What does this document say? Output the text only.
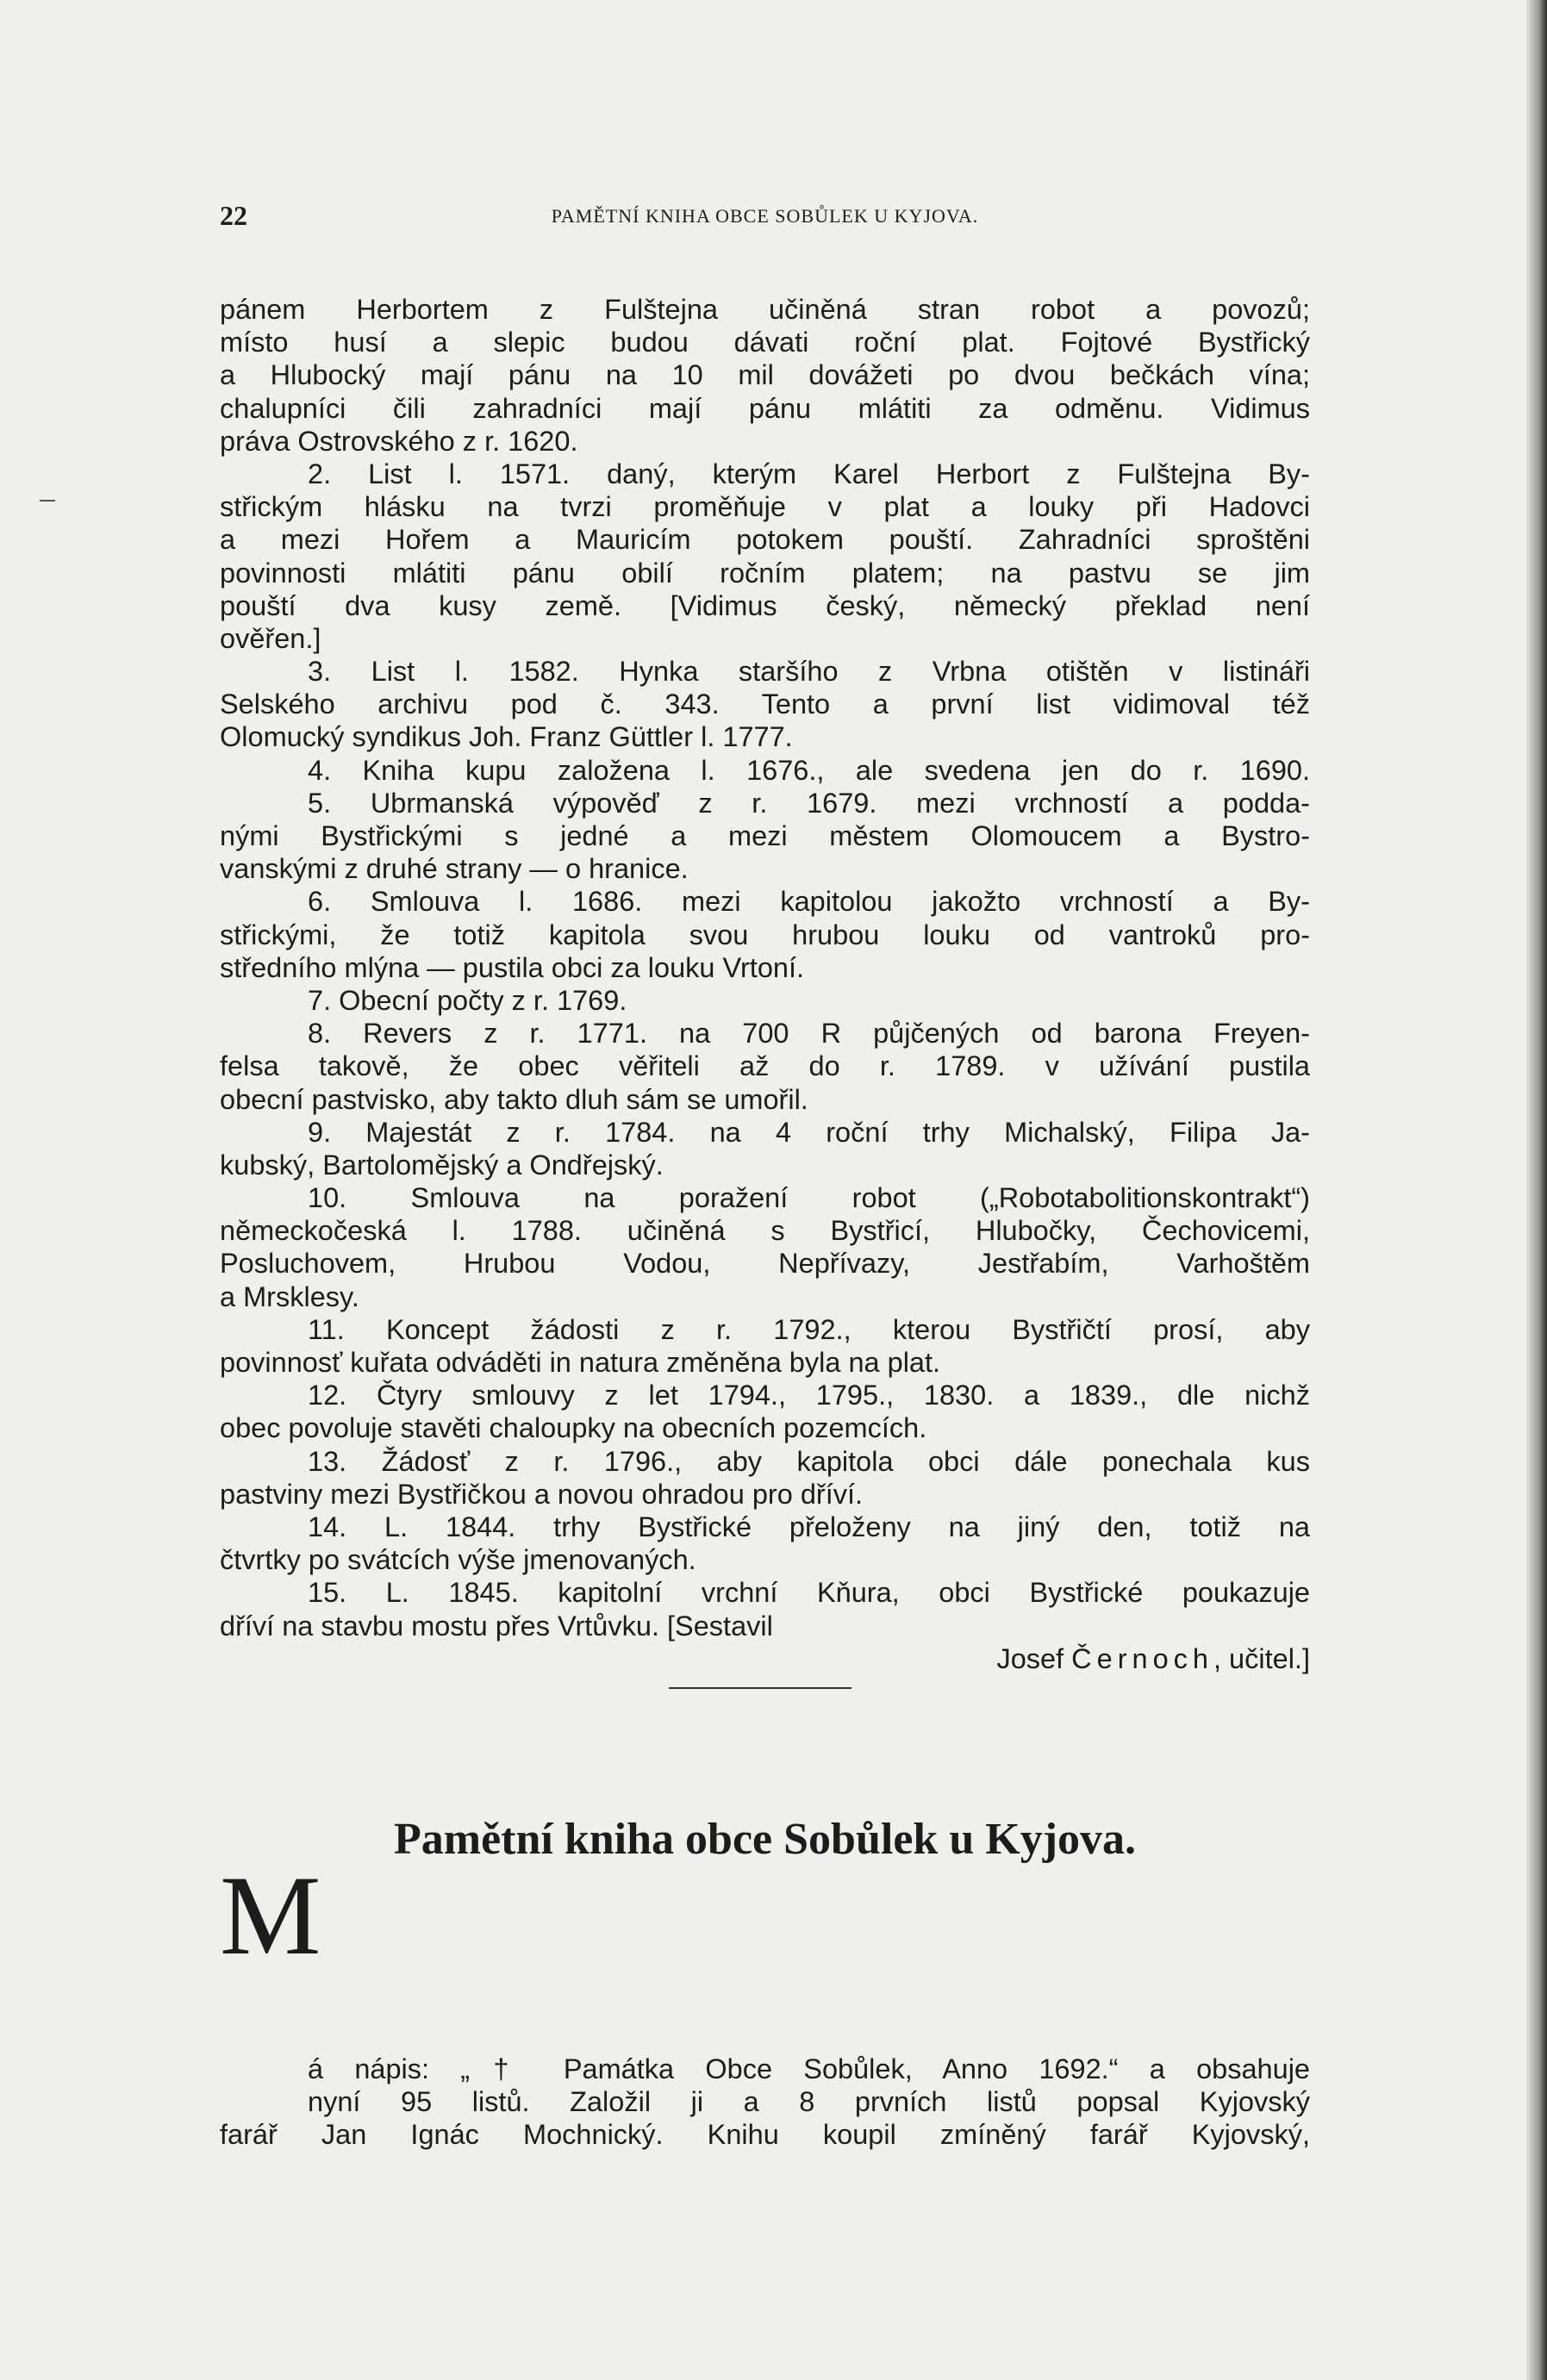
22	PAMĚTNÍ KNIHA OBCE SOBŮLEK U KYJOVA.
pánem Herbortem z Fulštejna učiněná stran robot a povozů;
místo husí a slepic budou dávati roční plat. Fojtové Bystřický
a Hlubocký mají pánu na 10 mil dovážeti po dvou bečkách vína;
chalupníci čili zahradníci mají pánu mlátiti za odměnu. Vidimus
práva Ostrovského z r. 1620.
2. List l. 1571. daný, kterým Karel Herbort z Fulštejna By-
střickým hlásku na tvrzi proměňuje v plat a louky při Hadovci
a mezi Hořem a Mauricím potokem pouští. Zahradníci sproštěni
povinnosti mlátiti pánu obilí ročním platem; na pastvu se jim
pouští dva kusy země. [Vidimus český, německý překlad není
ověřen.]
3. List l. 1582. Hynka staršího z Vrbna otištěn v listináři
Selského archivu pod č. 343. Tento a první list vidimoval též
Olomucký syndikus Joh. Franz Güttler l. 1777.
4. Kniha kupu založena l. 1676., ale svedena jen do r. 1690.
5. Ubrmanská výpověď z r. 1679. mezi vrchností a podda-
nými Bystřickými s jedné a mezi městem Olomoucem a Bystro-
vanskými z druhé strany — o hranice.
6. Smlouva l. 1686. mezi kapitolou jakožto vrchností a By-
střickými, že totiž kapitola svou hrubou louku od vantroků pro-
středního mlýna — pustila obci za louku Vrtoní.
7. Obecní počty z r. 1769.
8. Revers z r. 1771. na 700 R půjčených od barona Freyen-
felsa takově, že obec věřiteli až do r. 1789. v užívání pustila
obecní pastvisko, aby takto dluh sám se umořil.
9. Majestát z r. 1784. na 4 roční trhy Michalský, Filipa Ja-
kubský, Bartoloměјský a Ondřejský.
10. Smlouva na poražení robot („Robotabolitionskontrakt“)
německočeská l. 1788. učiněná s Bystřicí, Hlubočky, Čechovicemi,
Posluchovem, Hrubou Vodou, Nepřívazy, Jestřabím, Varhoštěm
a Mrsklesy.
11. Koncept žádosti z r. 1792., kterou Bystřičtí prosí, aby
povinnosť kuřata odváděti in natura změněna byla na plat.
12. Čtyry smlouvy z let 1794., 1795., 1830. a 1839., dle nichž
obec povoluje stavěti chaloupky na obecních pozemcích.
13. Žádosť z r. 1796., aby kapitola obci dále ponechala kus
pastviny mezi Bystřičkou a novou ohradou pro dříví.
14. L. 1844. trhy Bystřické přeloženy na jiný den, totiž na
čtvrtky po svátcích výše jmenovaných.
15. L. 1845. kapitolní vrchní Kňura, obci Bystřické poukazuje
dříví na stavbu mostu přes Vrtůvku. [Sestavil
Josef Černoch, učitel.]
Pamětní kniha obce Sobůlek u Kyjova.
M
á nápis: „† Památka Obce Sobůlek, Anno 1692.“ a obsahuje
nyní 95 listů. Založil ji a 8 prvních listů popsal Kyjovský
farář Jan Ignác Mochnický. Knihu koupil zmíněný farář Kyjovský,
